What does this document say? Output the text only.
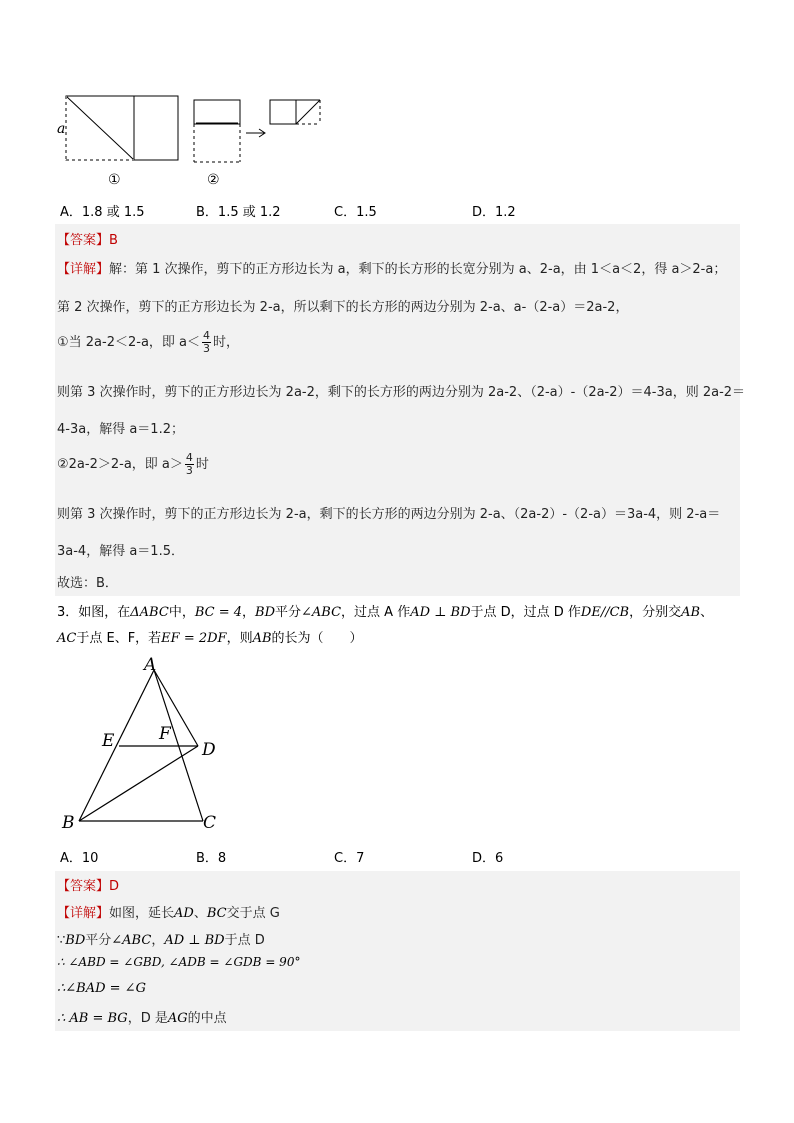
a
①	②
A．1.8 或 1.5	B．1.5 或 1.2	C．1.5	D．1.2
【答案】B
【详解】解：第 1 次操作，剪下的正方形边长为 a，剩下的长方形的长宽分别为 a、2-a，由 1＜a＜2，得 a＞2-a；
第 2 次操作，剪下的正方形边长为 2-a，所以剩下的长方形的两边分别为 2-a、a-（2-a）＝2a-2，
①当 2a-2＜2-a，即 $a< \frac{4}{3}$ 时，
则第 3 次操作时，剪下的正方形边长为 2a-2，剩下的长方形的两边分别为 2a-2、（2-a）-（2a-2）＝4-3a，则 2a-2＝
4-3a，解得 a＝1.2；
②2a-2＞2-a，即 $a> \frac{4}{3}$ 时
则第 3 次操作时，剪下的正方形边长为 2-a，剩下的长方形的两边分别为 2-a、（2a-2）-（2-a）＝3a-4，则 2-a＝
3a-4，解得 a＝1.5．
故选：B．
3．如图，在ΔABC中，BC = 4，BD平分∠ABC，过点 A 作AD ⊥ BD于点 D，过点 D 作DE//CB，分别交AB、
AC于点 E、F，若EF = 2DF，则AB的长为（　　）
A
E	F
D
B	C
A．10	B．8	C．7	D．6
【答案】D
【详解】如图，延长AD、BC交于点 G
∵BD平分∠ABC，AD ⊥ BD于点 D
∴ ∠ABD = ∠GBD, ∠ADB = ∠GDB = 90°
∴∠BAD = ∠G
∴ AB = BG，D 是AG的中点
